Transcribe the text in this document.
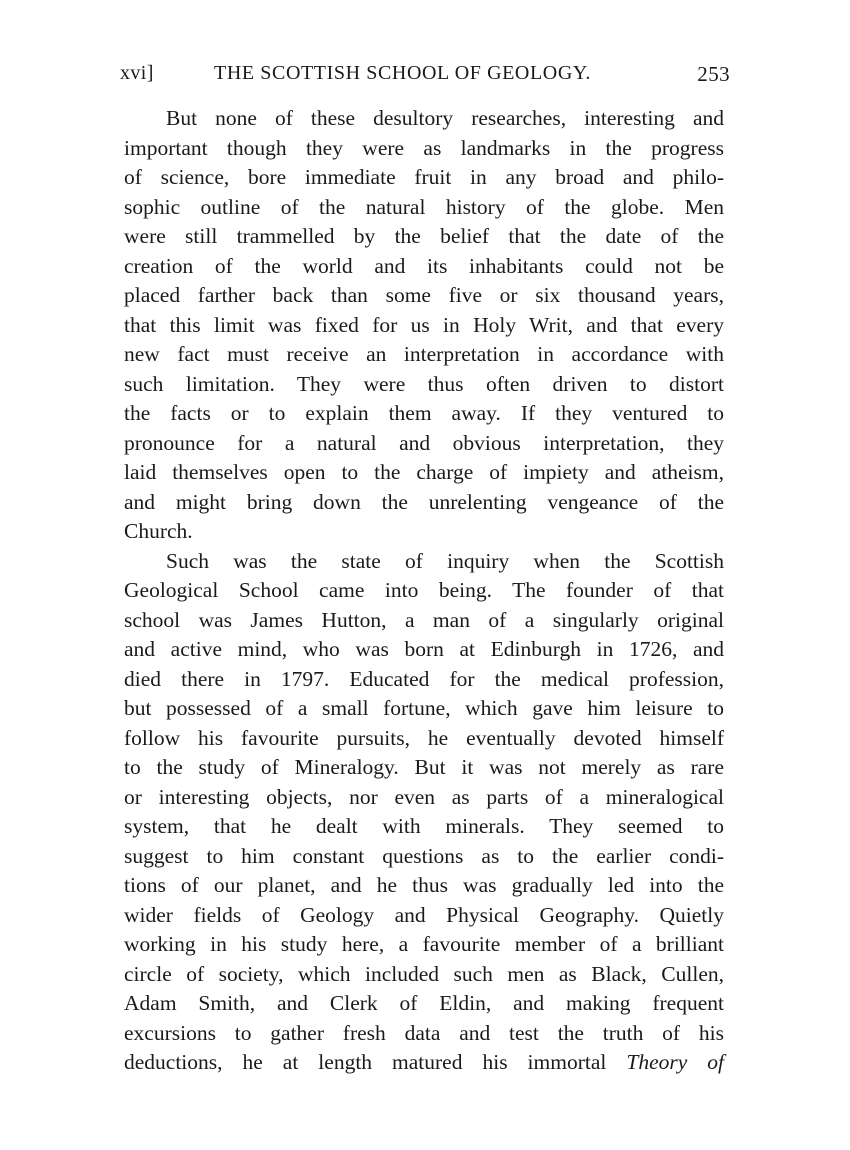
xvi]	THE SCOTTISH SCHOOL OF GEOLOGY.	253
But none of these desultory researches, interesting and
important though they were as landmarks in the progress
of science, bore immediate fruit in any broad and philo-
sophic outline of the natural history of the globe. Men
were still trammelled by the belief that the date of the
creation of the world and its inhabitants could not be
placed farther back than some five or six thousand years,
that this limit was fixed for us in Holy Writ, and that every
new fact must receive an interpretation in accordance with
such limitation. They were thus often driven to distort
the facts or to explain them away. If they ventured to
pronounce for a natural and obvious interpretation, they
laid themselves open to the charge of impiety and atheism,
and might bring down the unrelenting vengeance of the
Church.
Such was the state of inquiry when the Scottish
Geological School came into being. The founder of that
school was James Hutton, a man of a singularly original
and active mind, who was born at Edinburgh in 1726, and
died there in 1797. Educated for the medical profession,
but possessed of a small fortune, which gave him leisure to
follow his favourite pursuits, he eventually devoted himself
to the study of Mineralogy. But it was not merely as rare
or interesting objects, nor even as parts of a mineralogical
system, that he dealt with minerals. They seemed to
suggest to him constant questions as to the earlier condi-
tions of our planet, and he thus was gradually led into the
wider fields of Geology and Physical Geography. Quietly
working in his study here, a favourite member of a brilliant
circle of society, which included such men as Black, Cullen,
Adam Smith, and Clerk of Eldin, and making frequent
excursions to gather fresh data and test the truth of his
deductions, he at length matured his immortal Theory of
